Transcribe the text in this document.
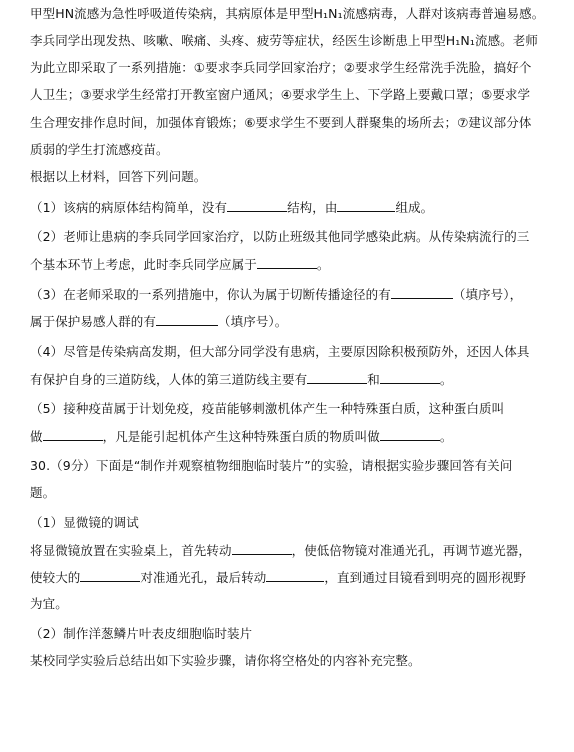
甲型HN流感为急性呼吸道传染病，其病原体是甲型H₁N₁流感病毒，人群对该病毒普遍易感。
李兵同学出现发热、咳嗽、喉痛、头疼、疲劳等症状，经医生诊断患上甲型H₁N₁流感。老师
为此立即采取了一系列措施：①要求李兵同学回家治疗；②要求学生经常洗手洗脸，搞好个
人卫生；③要求学生经常打开教室窗户通风；④要求学生上、下学路上要戴口罩；⑤要求学
生合理安排作息时间，加强体育锻炼；⑥要求学生不要到人群聚集的场所去；⑦建议部分体
质弱的学生打流感疫苗。
根据以上材料，回答下列问题。
（1）该病的病原体结构简单，没有	结构，由	组成。
（2）老师让患病的李兵同学回家治疗，以防止班级其他同学感染此病。从传染病流行的三
个基本环节上考虑，此时李兵同学应属于	。
（3）在老师采取的一系列措施中，你认为属于切断传播途径的有	（填序号），
属于保护易感人群的有	（填序号）。
（4）尽管是传染病高发期，但大部分同学没有患病，主要原因除积极预防外，还因人体具
有保护自身的三道防线，人体的第三道防线主要有	和	。
（5）接种疫苗属于计划免疫，疫苗能够刺激机体产生一种特殊蛋白质，这种蛋白质叫
做	，凡是能引起机体产生这种特殊蛋白质的物质叫做	。
30.（9分）下面是“制作并观察植物细胞临时装片”的实验，请根据实验步骤回答有关问
题。
（1）显微镜的调试
将显微镜放置在实验桌上，首先转动	，使低倍物镜对准通光孔，再调节遮光器，
使较大的	对准通光孔，最后转动	，直到通过目镜看到明亮的圆形视野
为宜。
（2）制作洋葱鳞片叶表皮细胞临时装片
某校同学实验后总结出如下实验步骤，请你将空格处的内容补充完整。
